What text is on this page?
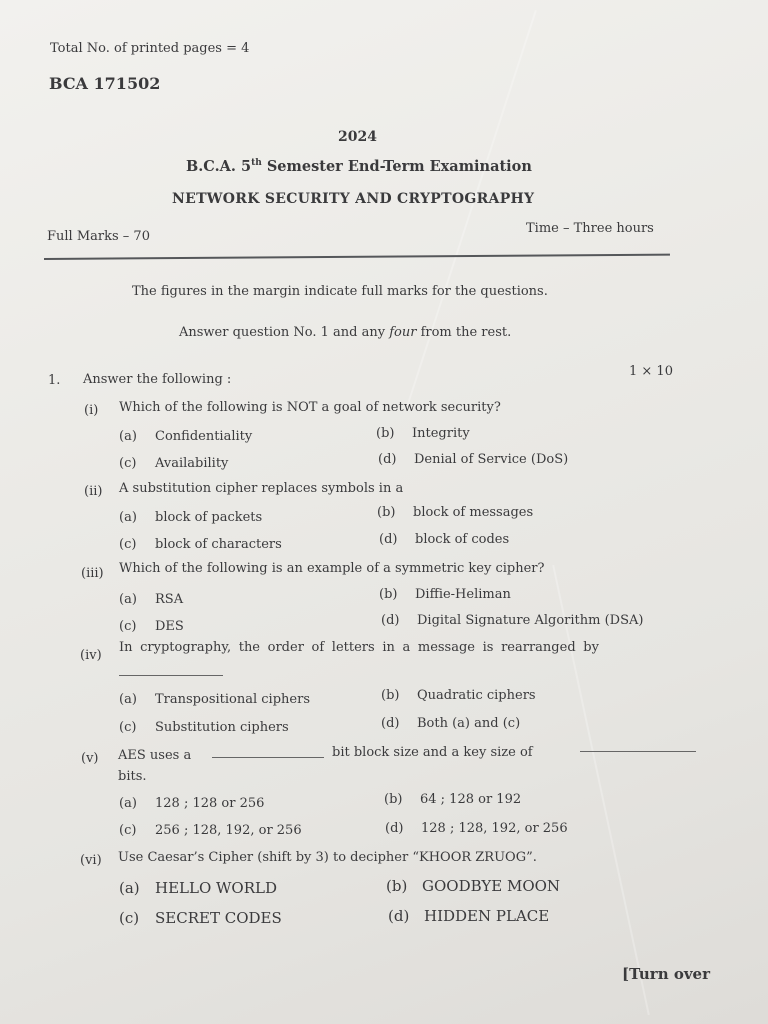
Total No. of printed pages = 4
BCA 171502
2024
B.C.A. 5th Semester End-Term Examination
NETWORK SECURITY AND CRYPTOGRAPHY
Full Marks – 70
Time – Three hours
The figures in the margin indicate full marks for the questions.
Answer question No. 1 and any four from the rest.
1. Answer the following :
1 × 10
(i) Which of the following is NOT a goal of network security?
(a) Confidentiality	(b) Integrity
(c) Availability	(d) Denial of Service (DoS)
(ii) A substitution cipher replaces symbols in a
(a) block of packets	(b) block of messages
(c) block of characters	(d) block of codes
(iii) Which of the following is an example of a symmetric key cipher?
(a) RSA	(b) Diffie-Heliman
(c) DES	(d) Digital Signature Algorithm (DSA)
(iv)
In cryptography, the order of letters in a message is rearranged by
(a) Transpositional ciphers	(b) Quadratic ciphers
(c) Substitution ciphers	(d) Both (a) and (c)
(v) AES uses a	bit block size and a key size of
bits.
(a) 128 ; 128 or 256	(b) 64 ; 128 or 192
(c) 256 ; 128, 192, or 256	(d) 128 ; 128, 192, or 256
(vi) Use Caesar’s Cipher (shift by 3) to decipher “KHOOR ZRUOG”.
(a) HELLO WORLD	(b) GOODBYE MOON
(c) SECRET CODES	(d) HIDDEN PLACE
[Turn over
